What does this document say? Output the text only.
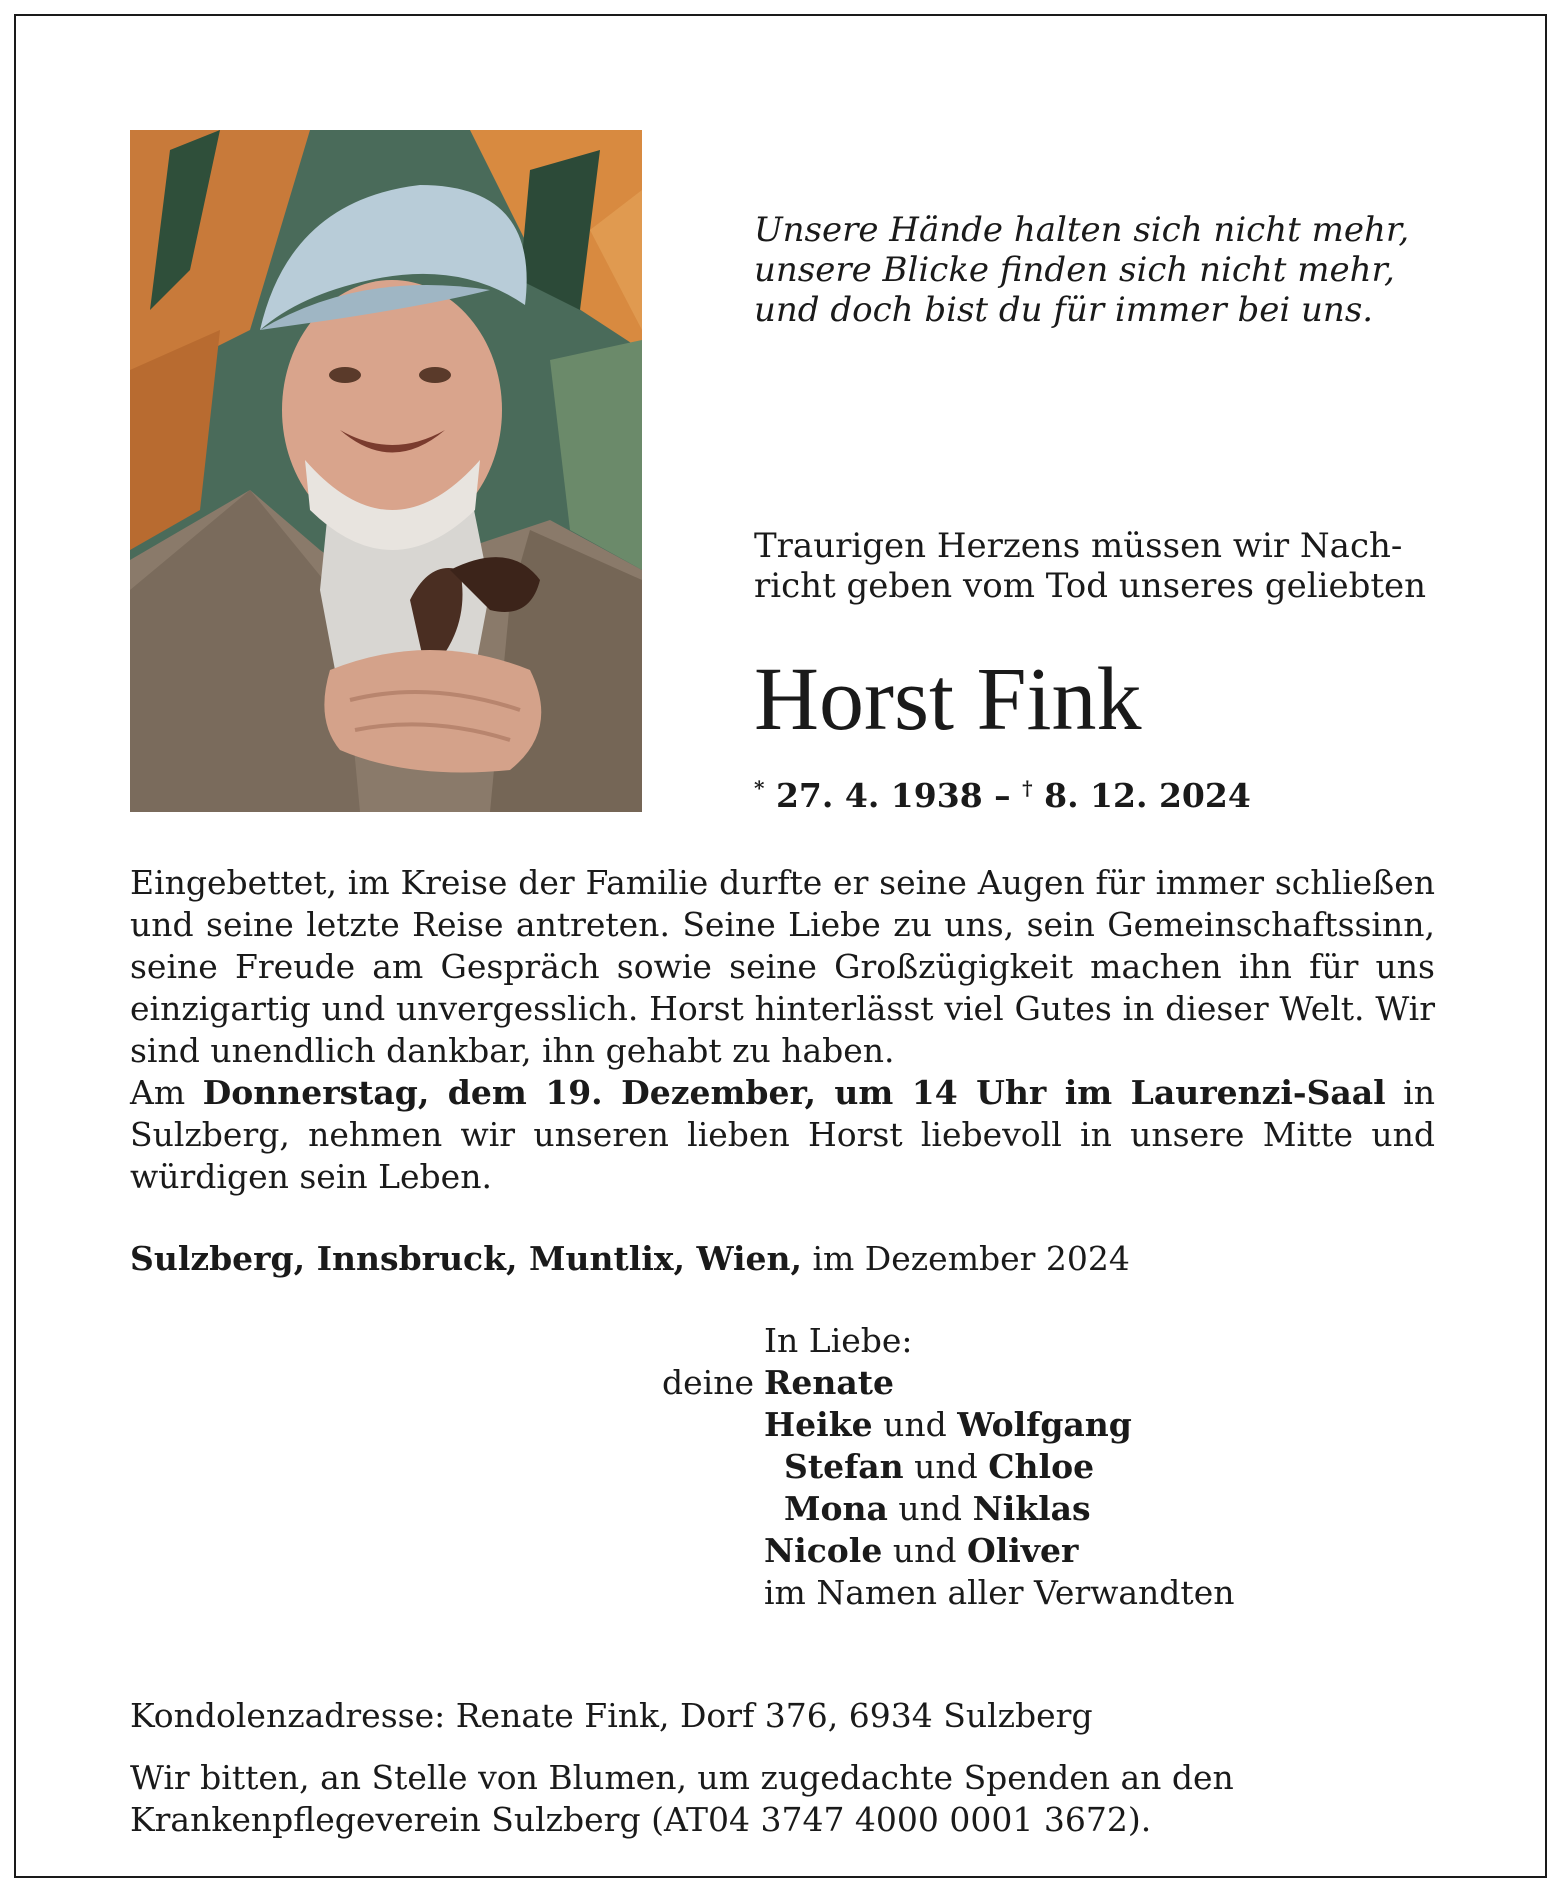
Unsere Hände halten sich nicht mehr,
unsere Blicke finden sich nicht mehr,
und doch bist du für immer bei uns.
Traurigen Herzens müssen wir Nach-
richt geben vom Tod unseres geliebten
Horst Fink
* 27. 4. 1938 – † 8. 12. 2024

Eingebettet, im Kreise der Familie durfte er seine Augen für immer schließen und seine letzte Reise antreten. Seine Liebe zu uns, sein Gemeinschaftssinn, seine Freude am Gespräch sowie seine Großzügigkeit machen ihn für uns einzigartig und unvergesslich. Horst hinterlässt viel Gutes in dieser Welt. Wir sind unendlich dankbar, ihn gehabt zu haben.

Am Donnerstag, dem 19. Dezember, um 14 Uhr im Laurenzi-Saal in Sulzberg, nehmen wir unseren lieben Horst liebevoll in unsere Mitte und würdigen sein Leben.

Sulzberg, Innsbruck, Muntlix, Wien, im Dezember 2024
In Liebe:
deine Renate
Heike
und
Wolfgang
Stefan
und
Chloe
Mona
und
Niklas
Nicole
und
Oliver
im Namen aller Verwandten
Kondolenzadresse: Renate Fink, Dorf 376, 6934 Sulzberg
Wir bitten, an Stelle von Blumen, um zugedachte Spenden an den Krankenpflegeverein Sulzberg (AT04 3747 4000 0001 3672).
